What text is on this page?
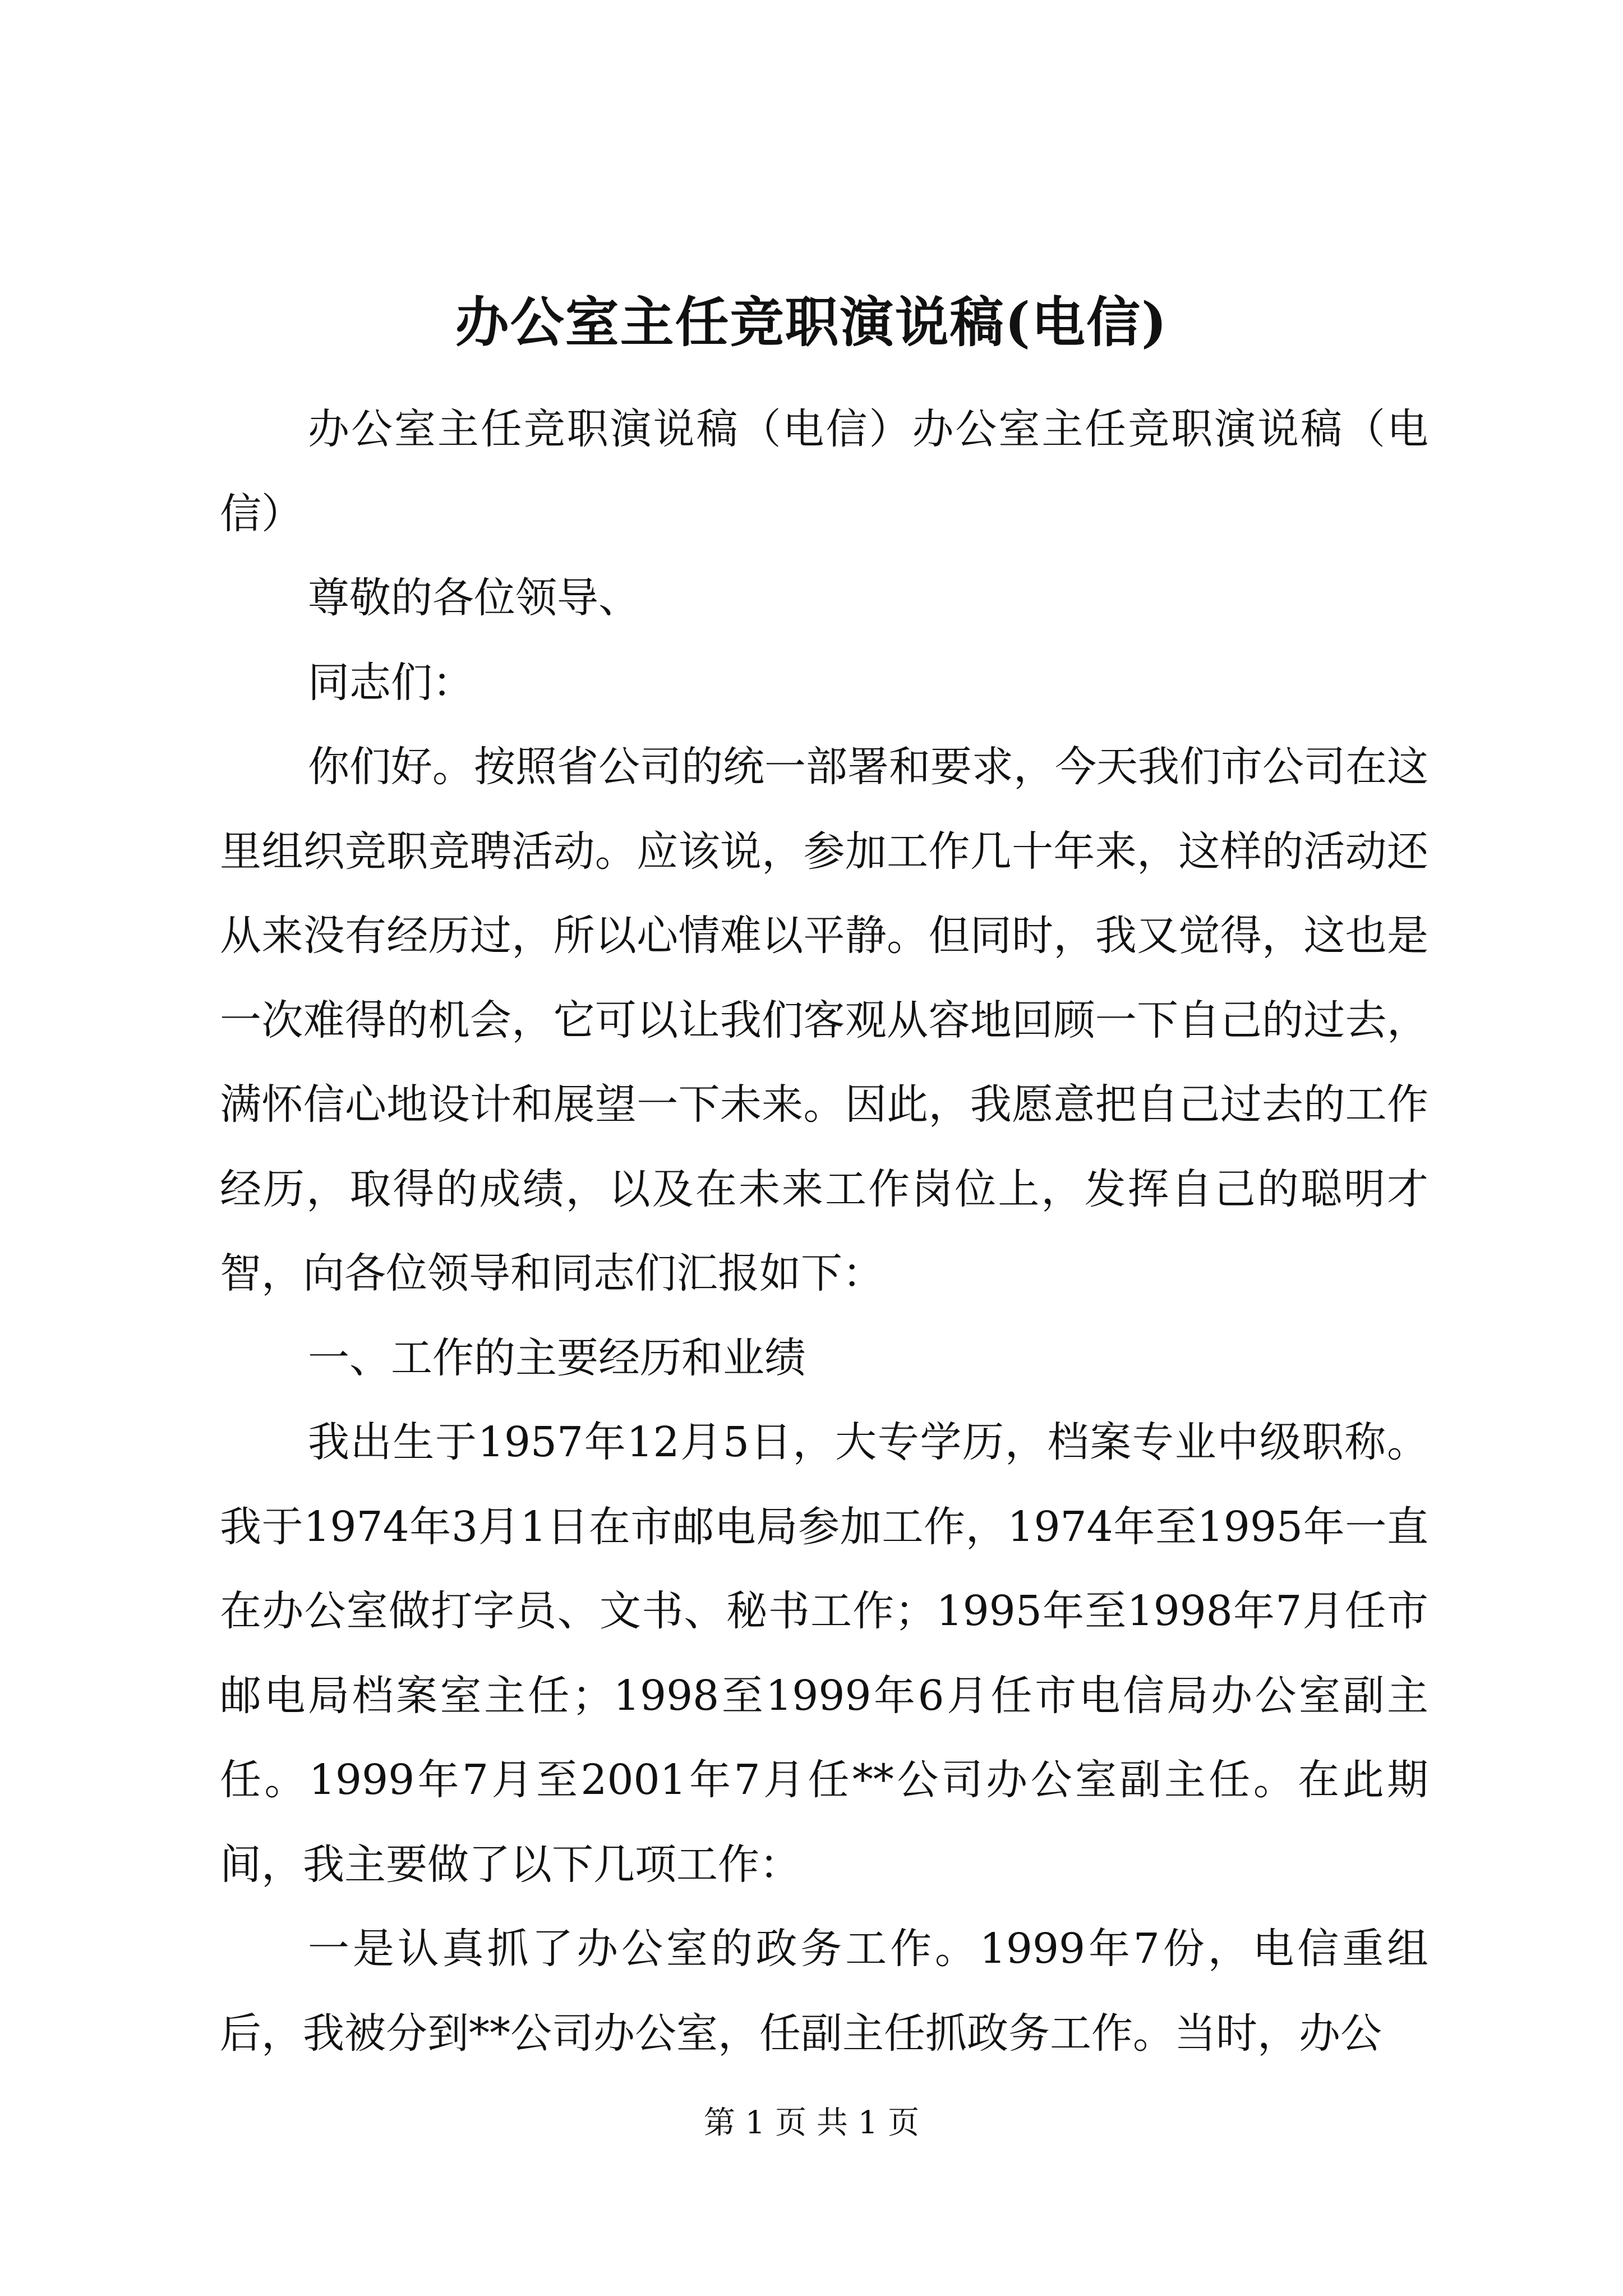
办公室主任竞职演说稿(电信)

办公室主任竞职演说稿（电信）办公室主任竞职演说稿（电信）

尊敬的各位领导、

同志们：

你们好。按照省公司的统一部署和要求，今天我们市公司在这里组织竞职竞聘活动。应该说，参加工作几十年来，这样的活动还从来没有经历过，所以心情难以平静。但同时，我又觉得，这也是一次难得的机会，它可以让我们客观从容地回顾一下自己的过去，满怀信心地设计和展望一下未来。因此，我愿意把自己过去的工作经历，取得的成绩，以及在未来工作岗位上，发挥自己的聪明才智，向各位领导和同志们汇报如下：

一、工作的主要经历和业绩

我出生于1957年12月5日，大专学历，档案专业中级职称。我于1974年3月1日在市邮电局参加工作，1974年至1995年一直在办公室做打字员、文书、秘书工作；1995年至1998年7月任市邮电局档案室主任；1998至1999年6月任市电信局办公室副主任。1999年7月至2001年7月任**公司办公室副主任。在此期间，我主要做了以下几项工作：

一是认真抓了办公室的政务工作。1999年7份，电信重组后，我被分到**公司办公室，任副主任抓政务工作。当时，办公

第 1 页 共 1 页
